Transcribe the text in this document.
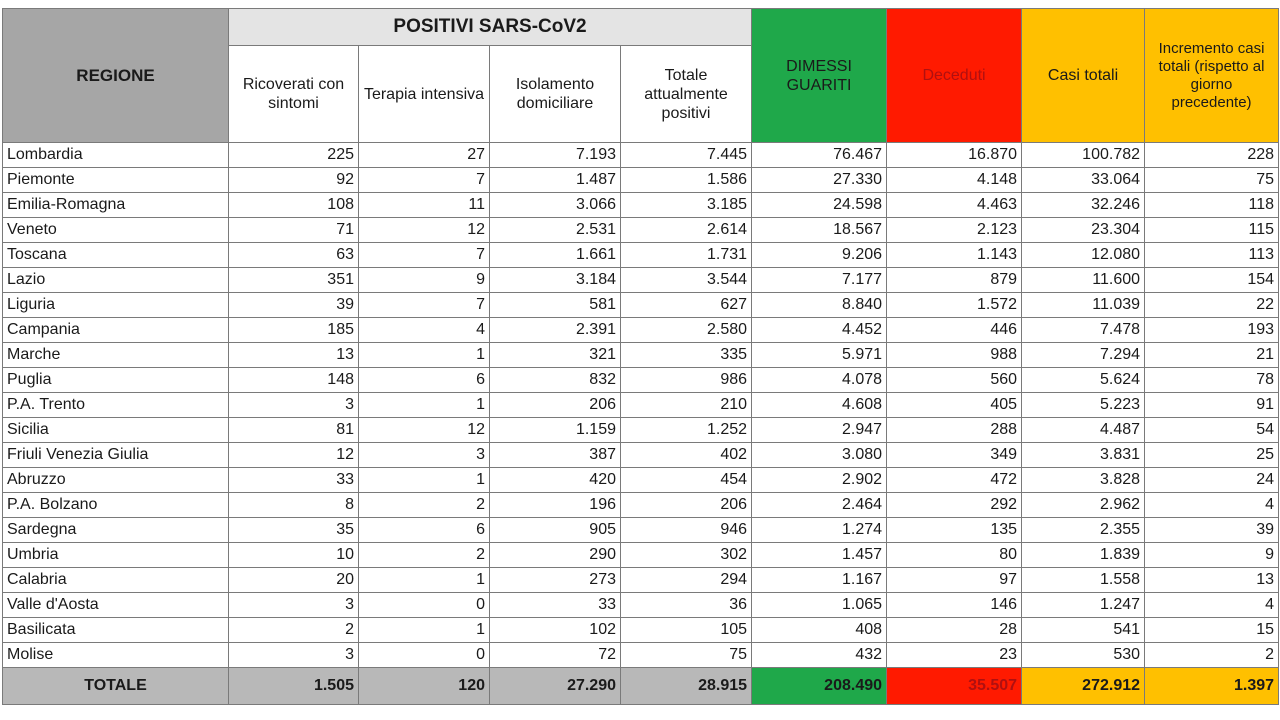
REGIONE	POSITIVI SARS-CoV2				DIMESSI GUARITI	Deceduti	Casi totali	Incremento casi totali (rispetto al giorno precedente)
	Ricoverati con sintomi	Terapia intensiva	Isolamento domiciliare	Totale attualmente positivi				
Lombardia	225	27	7.193	7.445	76.467	16.870	100.782	228
Piemonte	92	7	1.487	1.586	27.330	4.148	33.064	75
Emilia-Romagna	108	11	3.066	3.185	24.598	4.463	32.246	118
Veneto	71	12	2.531	2.614	18.567	2.123	23.304	115
Toscana	63	7	1.661	1.731	9.206	1.143	12.080	113
Lazio	351	9	3.184	3.544	7.177	879	11.600	154
Liguria	39	7	581	627	8.840	1.572	11.039	22
Campania	185	4	2.391	2.580	4.452	446	7.478	193
Marche	13	1	321	335	5.971	988	7.294	21
Puglia	148	6	832	986	4.078	560	5.624	78
P.A. Trento	3	1	206	210	4.608	405	5.223	91
Sicilia	81	12	1.159	1.252	2.947	288	4.487	54
Friuli Venezia Giulia	12	3	387	402	3.080	349	3.831	25
Abruzzo	33	1	420	454	2.902	472	3.828	24
P.A. Bolzano	8	2	196	206	2.464	292	2.962	4
Sardegna	35	6	905	946	1.274	135	2.355	39
Umbria	10	2	290	302	1.457	80	1.839	9
Calabria	20	1	273	294	1.167	97	1.558	13
Valle d'Aosta	3	0	33	36	1.065	146	1.247	4
Basilicata	2	1	102	105	408	28	541	15
Molise	3	0	72	75	432	23	530	2
TOTALE	1.505	120	27.290	28.915	208.490	35.507	272.912	1.397
